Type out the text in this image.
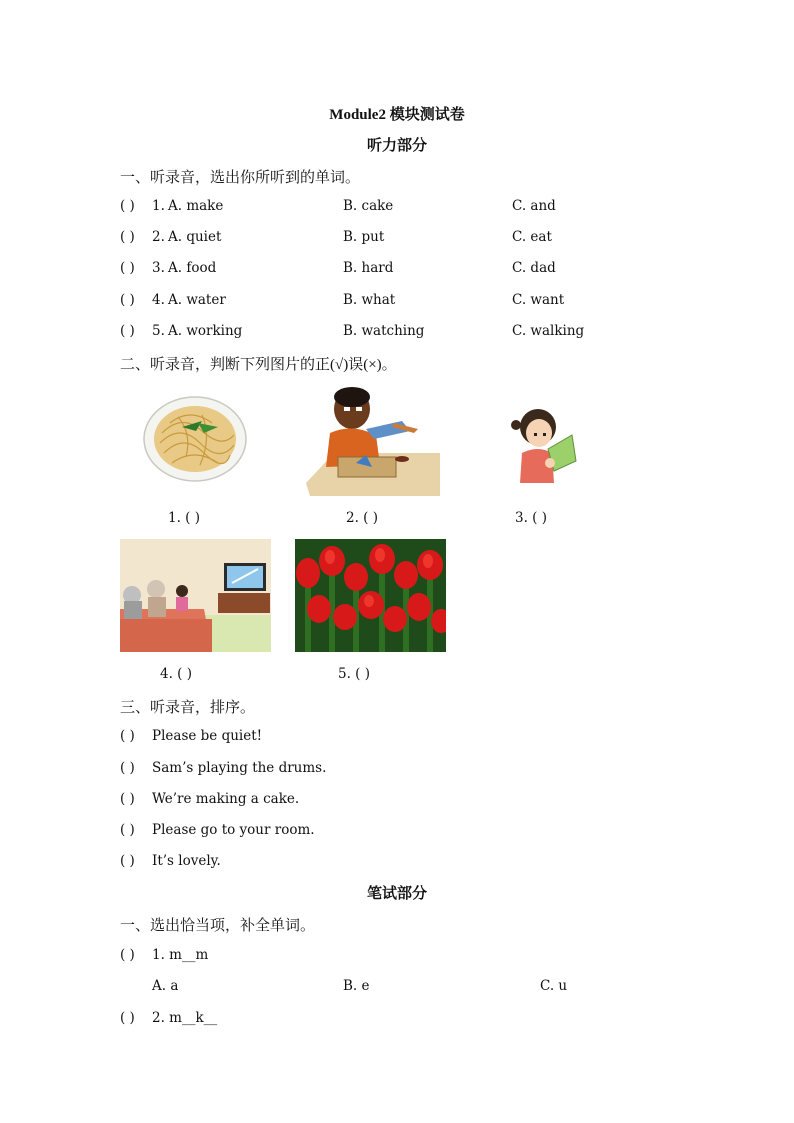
Module2 模块测试卷
听力部分
一、听录音，选出你所听到的单词。
( ) 1. A. make	B. cake	C. and
( ) 2. A. quiet	B. put	C. eat
( ) 3. A. food	B. hard	C. dad
( ) 4. A. water	B. what	C. want
( ) 5. A. working	B. watching	C. walking
二、听录音，判断下列图片的正(√)误(×)。
1. ( )	2. ( )	3. ( )
4. ( )	5. ( )
三、听录音，排序。
( ) Please be quiet!
( ) Sam’s playing the drums.
( ) We’re making a cake.
( ) Please go to your room.
( ) It’s lovely.
笔试部分
一、选出恰当项，补全单词。
( ) 1. m__m
A. a	B. e	C. u
( ) 2. m__k__
